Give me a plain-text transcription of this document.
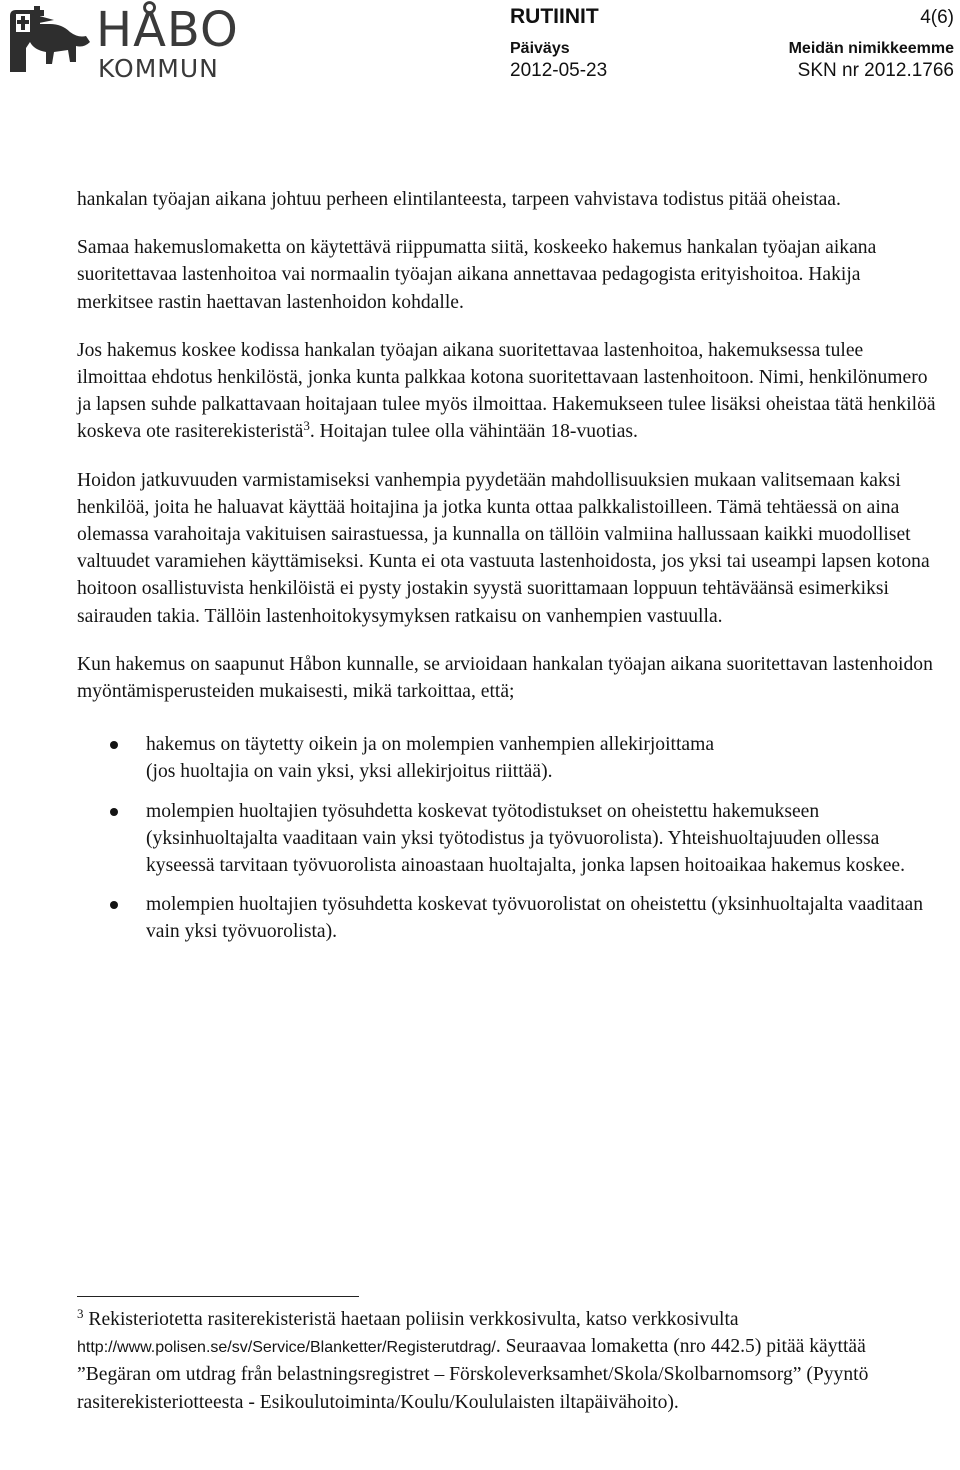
HÅBO
KOMMUN
RUTIINIT	4(6)
Päiväys
2012-05-23
Meidän nimikkeemme
SKN nr 2012.1766

hankalan työajan aikana johtuu perheen elintilanteesta, tarpeen vahvistava todistus pitää oheistaa.

Samaa hakemuslomaketta on käytettävä riippumatta siitä, koskeeko hakemus hankalan työajan aikana suoritettavaa lastenhoitoa vai normaalin työajan aikana annettavaa pedagogista erityishoitoa. Hakija merkitsee rastin haettavan lastenhoidon kohdalle.

Jos hakemus koskee kodissa hankalan työajan aikana suoritettavaa lastenhoitoa, hakemuksessa tulee ilmoittaa ehdotus henkilöstä, jonka kunta palkkaa kotona suoritettavaan lastenhoitoon. Nimi, henkilönumero ja lapsen suhde palkattavaan hoitajaan tulee myös ilmoittaa. Hakemukseen tulee lisäksi oheistaa tätä henkilöä koskeva ote rasiterekisteristä$^3$. Hoitajan tulee olla vähintään 18-vuotias.

Hoidon jatkuvuuden varmistamiseksi vanhempia pyydetään mahdollisuuksien mukaan valitsemaan kaksi henkilöä, joita he haluavat käyttää hoitajina ja jotka kunta ottaa palkkalistoilleen. Tämä tehtäessä on aina olemassa varahoitaja vakituisen sairastuessa, ja kunnalla on tällöin valmiina hallussaan kaikki muodolliset valtuudet varamiehen käyttämiseksi. Kunta ei ota vastuuta lastenhoidosta, jos yksi tai useampi lapsen kotona hoitoon osallistuvista henkilöistä ei pysty jostakin syystä suorittamaan loppuun tehtäväänsä esimerkiksi sairauden takia. Tällöin lastenhoitokysymyksen ratkaisu on vanhempien vastuulla.

Kun hakemus on saapunut Håbon kunnalle, se arvioidaan hankalan työajan aikana suoritettavan lastenhoidon myöntämisperusteiden mukaisesti, mikä tarkoittaa, että;

hakemus on täytetty oikein ja on molempien vanhempien allekirjoittama
(jos huoltajia on vain yksi, yksi allekirjoitus riittää).
molempien huoltajien työsuhdetta koskevat työtodistukset on oheistettu hakemukseen (yksinhuoltajalta vaaditaan vain yksi työtodistus ja työvuorolista). Yhteishuoltajuuden ollessa kyseessä tarvitaan työvuorolista ainoastaan huoltajalta, jonka lapsen hoitoaikaa hakemus koskee.
molempien huoltajien työsuhdetta koskevat työvuorolistat on oheistettu (yksinhuoltajalta vaaditaan vain yksi työvuorolista).
$^3$ Rekisteriotetta rasiterekisteristä haetaan poliisin verkkosivulta, katso verkkosivulta http://www.polisen.se/sv/Service/Blanketter/Registerutdrag/. Seuraavaa lomaketta (nro 442.5) pitää käyttää ”Begäran om utdrag från belastningsregistret – Förskoleverksamhet/Skola/Skolbarnomsorg” (Pyyntö rasiterekisteriotteesta - Esikoulutoiminta/Koulu/Koululaisten iltapäivähoito).
